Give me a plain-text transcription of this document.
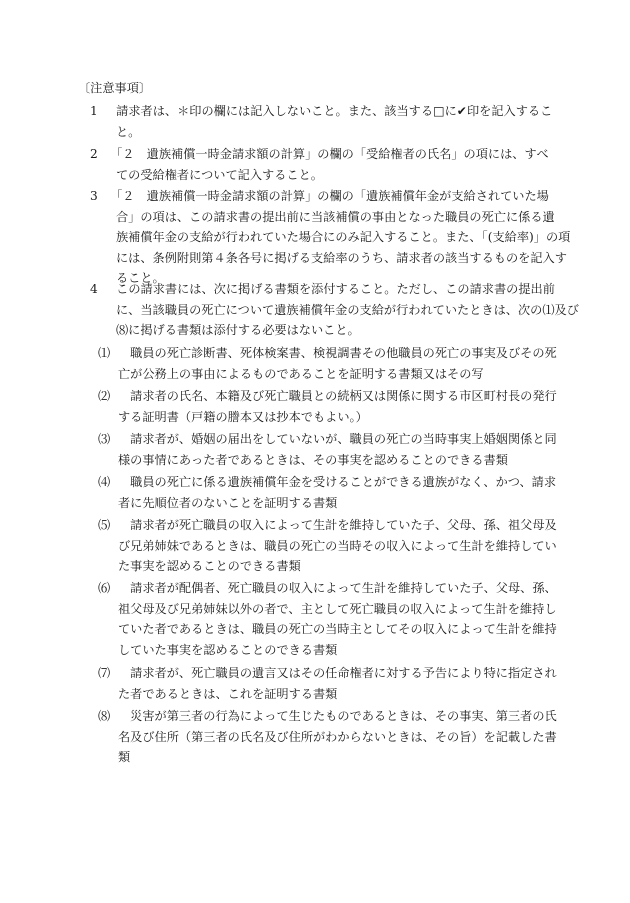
〔注意事項〕
1 　請求者は、＊印の欄には記入しないこと。また、該当する□に✔印を記入するこ
と。
2 　「２　遺族補償一時金請求額の計算」の欄の「受給権者の氏名」の項には、すべ
ての受給権者について記入すること。
3 　「２　遺族補償一時金請求額の計算」の欄の「遺族補償年金が支給されていた場
合」の項は、この請求書の提出前に当該補償の事由となった職員の死亡に係る遺
族補償年金の支給が行われていた場合にのみ記入すること。また、「(支給率)」の項
には、条例附則第４条各号に掲げる支給率のうち、請求者の該当するものを記入す
ること。
4 　この請求書には、次に掲げる書類を添付すること。ただし、この請求書の提出前
に、当該職員の死亡について遺族補償年金の支給が行われていたときは、次の⑴及び
⑻に掲げる書類は添付する必要はないこと。
⑴ 　職員の死亡診断書、死体検案書、検視調書その他職員の死亡の事実及びその死
亡が公務上の事由によるものであることを証明する書類又はその写
⑵ 　請求者の氏名、本籍及び死亡職員との続柄又は関係に関する市区町村長の発行
する証明書（戸籍の謄本又は抄本でもよい。）
⑶ 　請求者が、婚姻の届出をしていないが、職員の死亡の当時事実上婚姻関係と同
様の事情にあった者であるときは、その事実を認めることのできる書類
⑷ 　職員の死亡に係る遺族補償年金を受けることができる遺族がなく、かつ、請求
者に先順位者のないことを証明する書類
⑸ 　請求者が死亡職員の収入によって生計を維持していた子、父母、孫、祖父母及
び兄弟姉妹であるときは、職員の死亡の当時その収入によって生計を維持してい
た事実を認めることのできる書類
⑹ 　請求者が配偶者、死亡職員の収入によって生計を維持していた子、父母、孫、
祖父母及び兄弟姉妹以外の者で、主として死亡職員の収入によって生計を維持し
ていた者であるときは、職員の死亡の当時主としてその収入によって生計を維持
していた事実を認めることのできる書類
⑺ 　請求者が、死亡職員の遺言又はその任命権者に対する予告により特に指定され
た者であるときは、これを証明する書類
⑻ 　災害が第三者の行為によって生じたものであるときは、その事実、第三者の氏
名及び住所（第三者の氏名及び住所がわからないときは、その旨）を記載した書
類
